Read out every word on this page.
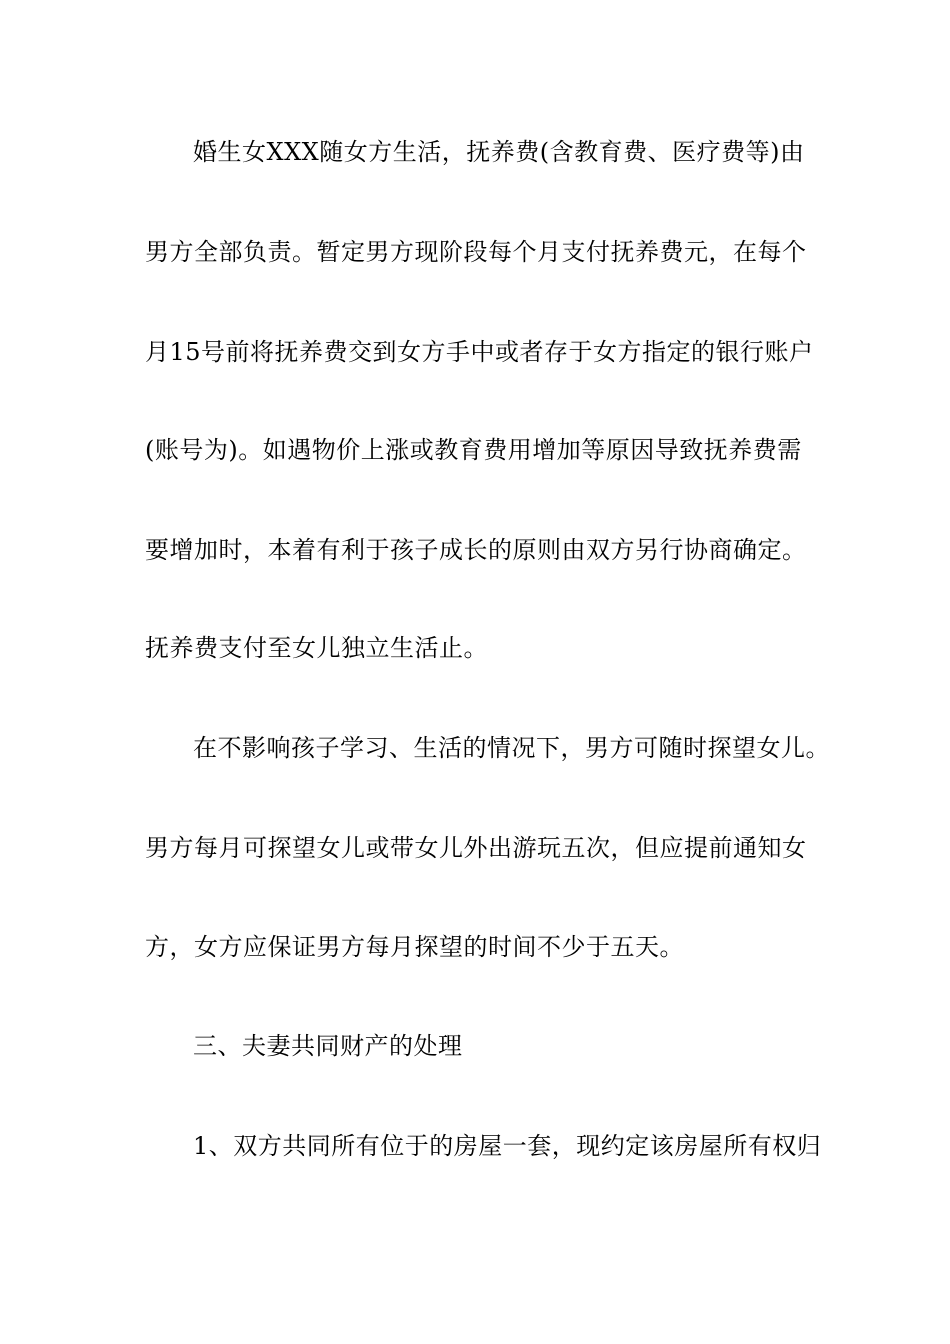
婚生女XXX随女方生活，抚养费(含教育费、医疗费等)由
男方全部负责。暂定男方现阶段每个月支付抚养费元，在每个
月15号前将抚养费交到女方手中或者存于女方指定的银行账户
(账号为)。如遇物价上涨或教育费用增加等原因导致抚养费需
要增加时，本着有利于孩子成长的原则由双方另行协商确定。
抚养费支付至女儿独立生活止。
在不影响孩子学习、生活的情况下，男方可随时探望女儿。
男方每月可探望女儿或带女儿外出游玩五次，但应提前通知女
方，女方应保证男方每月探望的时间不少于五天。
三、夫妻共同财产的处理
1、双方共同所有位于的房屋一套，现约定该房屋所有权归
